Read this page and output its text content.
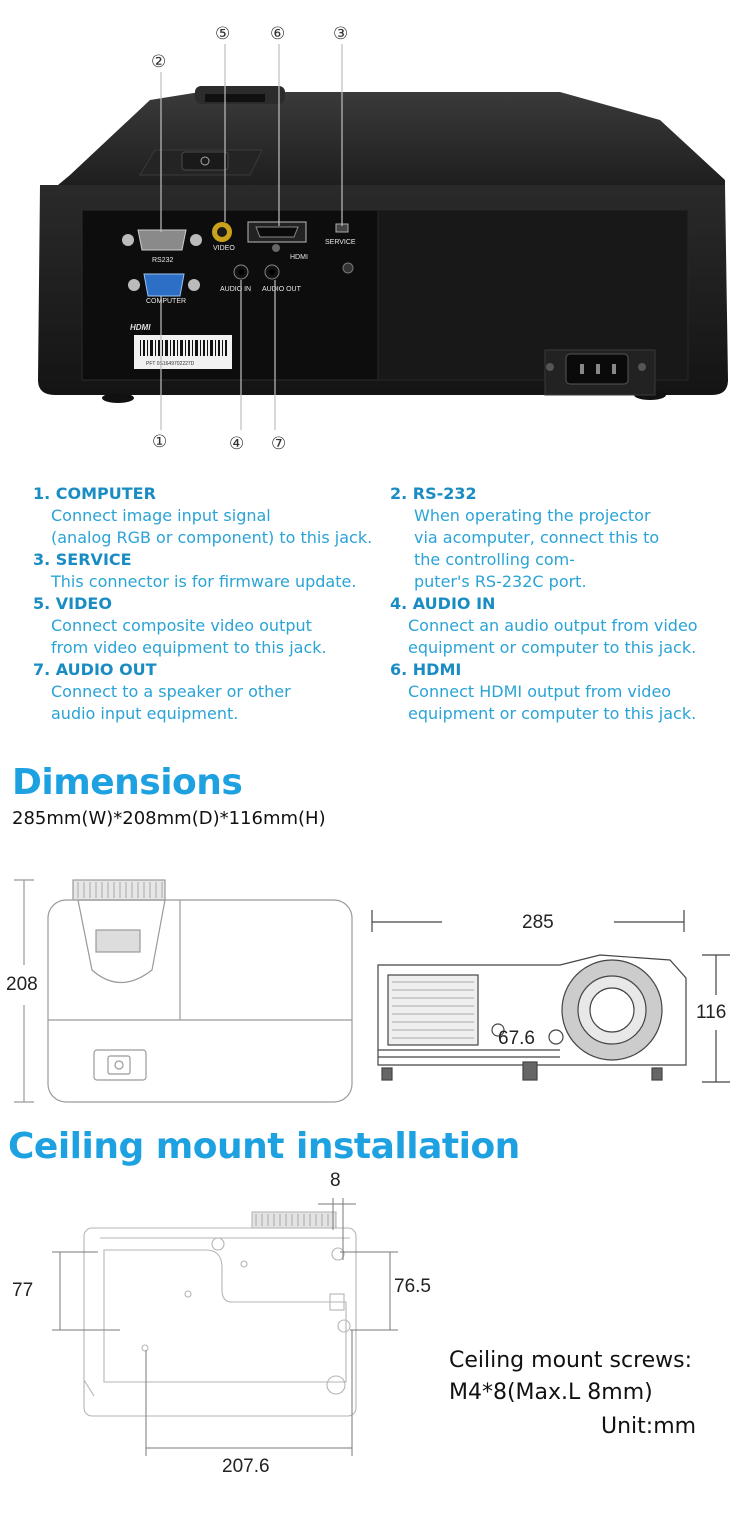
RS232
COMPUTER
VIDEO
HDMI
SERVICE
AUDIO IN AUDIO OUT
HDMI
PFT 0S1649702227D
②
⑤ ⑥	③
①	④ ⑦
1. COMPUTER
Connect image input signal
(analog RGB or component) to this jack.
3. SERVICE
This connector is for firmware update.
5. VIDEO
Connect composite video output
from video equipment to this jack.
7. AUDIO OUT
Connect to a speaker or other
audio input equipment.
2. RS-232
When operating the projector
via acomputer, connect this to
the controlling com-
puter's RS-232C port.
4. AUDIO IN
Connect an audio output from video
equipment or computer to this jack.
6. HDMI
Connect HDMI output from video
equipment or computer to this jack.
Dimensions
285mm(W)*208mm(D)*116mm(H)
208
285
116
67.6
Ceiling mount installation
8
77	76.5
207.6
Ceiling mount screws:
M4*8(Max.L 8mm)
Unit:mm
